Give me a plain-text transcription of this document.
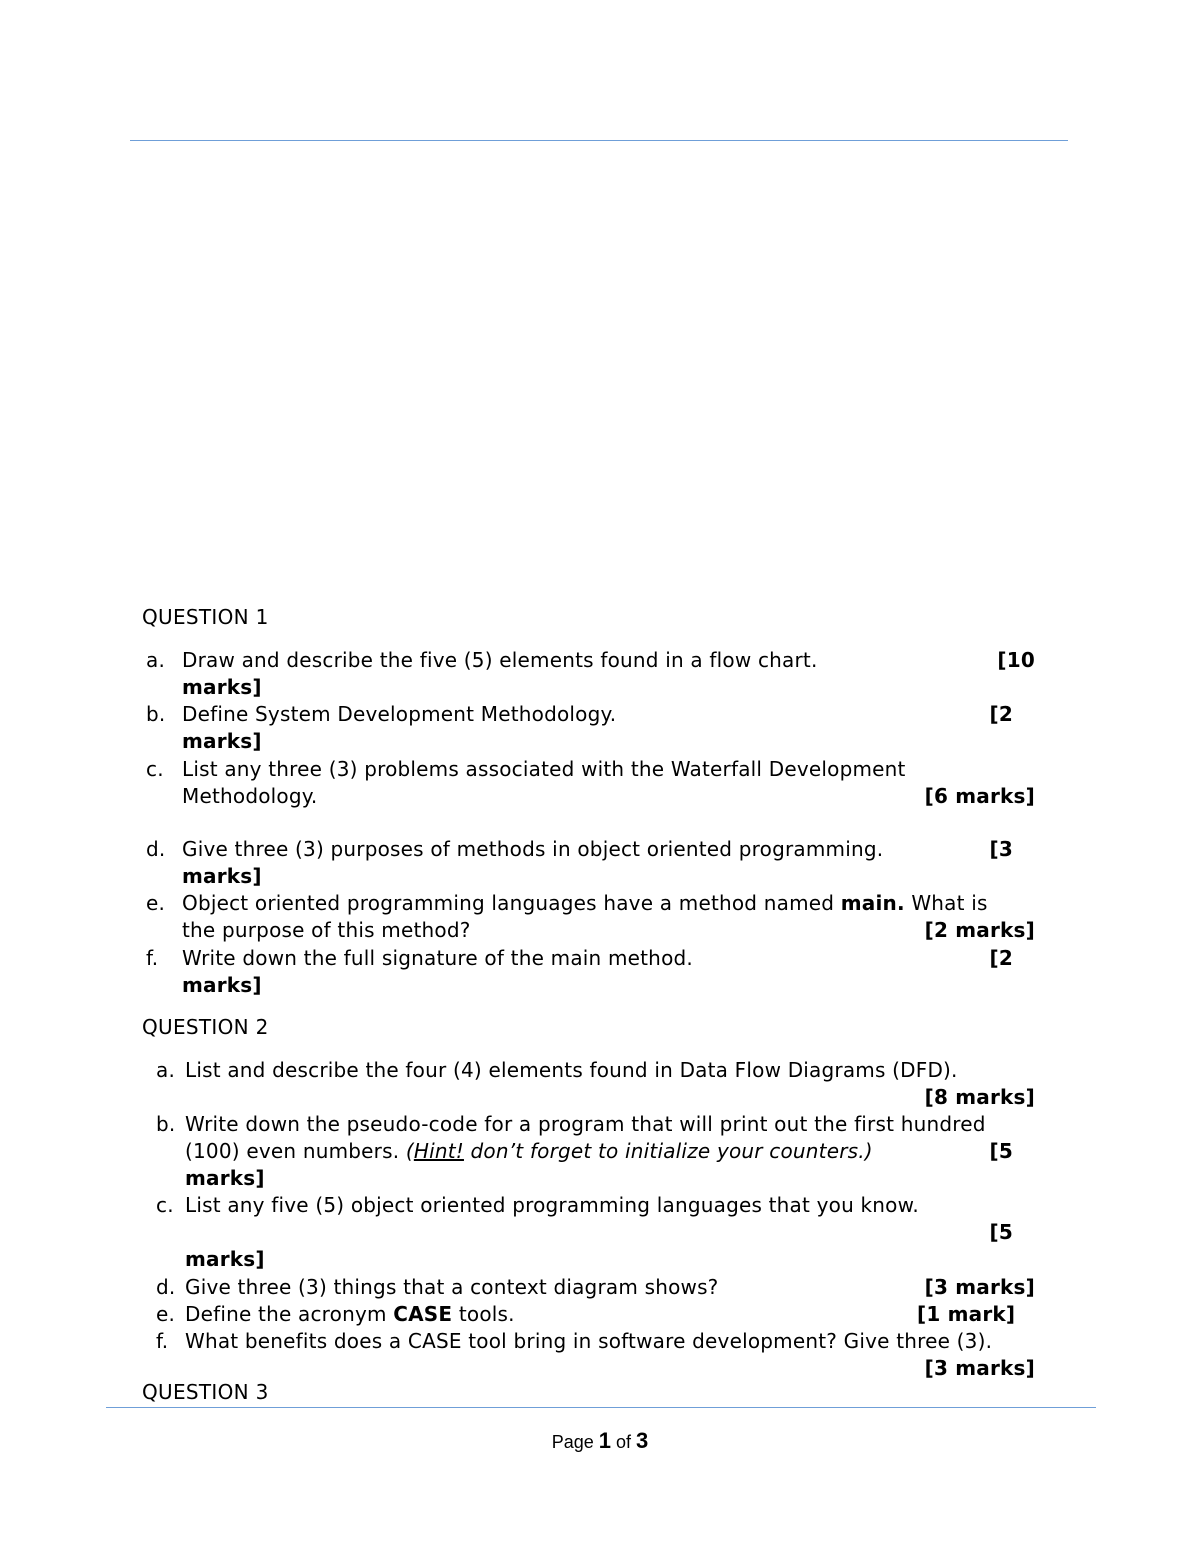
QUESTION 1
a. Draw and describe the five (5) elements found in a flow chart.	[10
marks]
b. Define System Development Methodology.	[2
marks]
c. List any three (3) problems associated with the Waterfall Development
Methodology.	[6 marks]
d. Give three (3) purposes of methods in object oriented programming.	[3
marks]
e. Object oriented programming languages have a method named main. What is
the purpose of this method?	[2 marks]
f. Write down the full signature of the main method.	[2
marks]
QUESTION 2
a. List and describe the four (4) elements found in Data Flow Diagrams (DFD).
[8 marks]
b. Write down the pseudo-code for a program that will print out the first hundred
(100) even numbers. (Hint! don’t forget to initialize your counters.)	[5
marks]
c. List any five (5) object oriented programming languages that you know.
[5
marks]
d. Give three (3) things that a context diagram shows?	[3 marks]
e. Define the acronym CASE tools.	[1 mark]
f. What benefits does a CASE tool bring in software development? Give three (3).
[3 marks]
QUESTION 3
Page 1 of 3
